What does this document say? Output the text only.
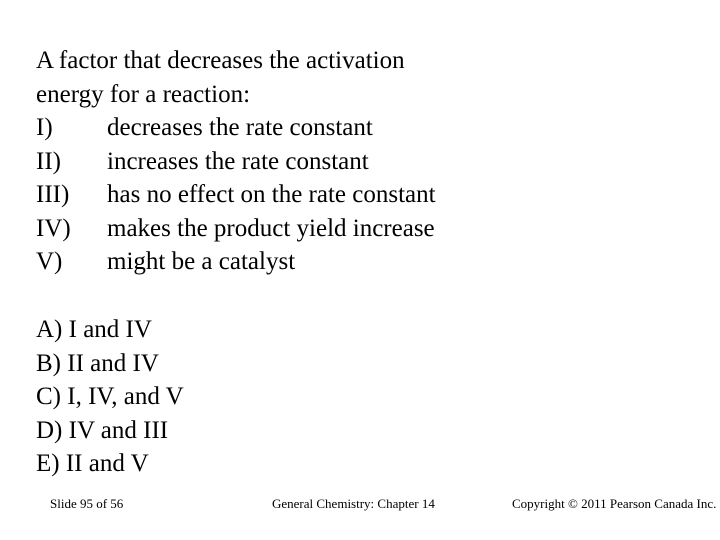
A factor that decreases the activation
energy for a reaction:
I)	decreases the rate constant
II)	increases the rate constant
III)	has no effect on the rate constant
IV)	makes the product yield increase
V)	might be a catalyst
A) I and IV
B) II and IV
C) I, IV, and V
D) IV and III
E) II and V
Slide 95 of 56	General Chemistry: Chapter 14	Copyright © 2011 Pearson Canada Inc.
